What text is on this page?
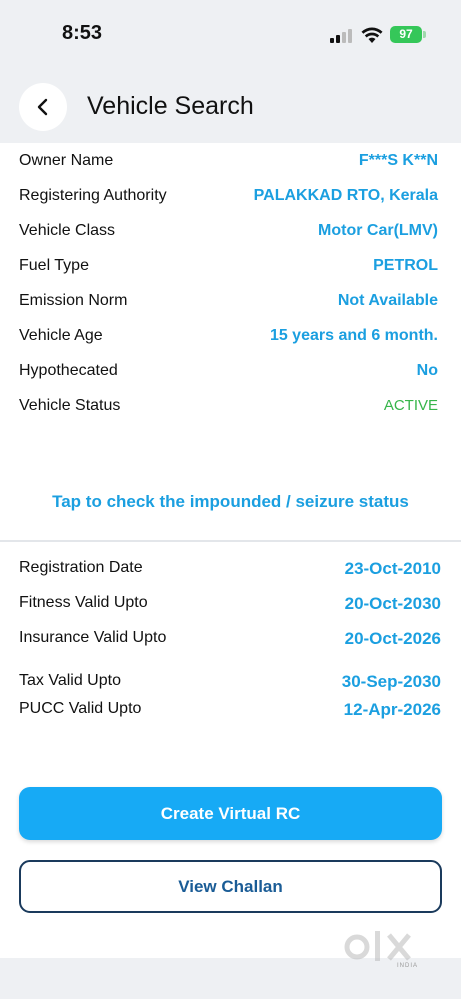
8:53	97
Vehicle Search
Owner Name	F***S K**N
Registering Authority	PALAKKAD RTO, Kerala
Vehicle Class	Motor Car(LMV)
Fuel Type	PETROL
Emission Norm	Not Available
Vehicle Age	15 years and 6 month.
Hypothecated	No
Vehicle Status	ACTIVE
Tap to check the impounded / seizure status
Registration Date	23-Oct-2010
Fitness Valid Upto	20-Oct-2030
Insurance Valid Upto	20-Oct-2026
Tax Valid Upto	30-Sep-2030
PUCC Valid Upto	12-Apr-2026
Create Virtual RC
View Challan
INDIA
